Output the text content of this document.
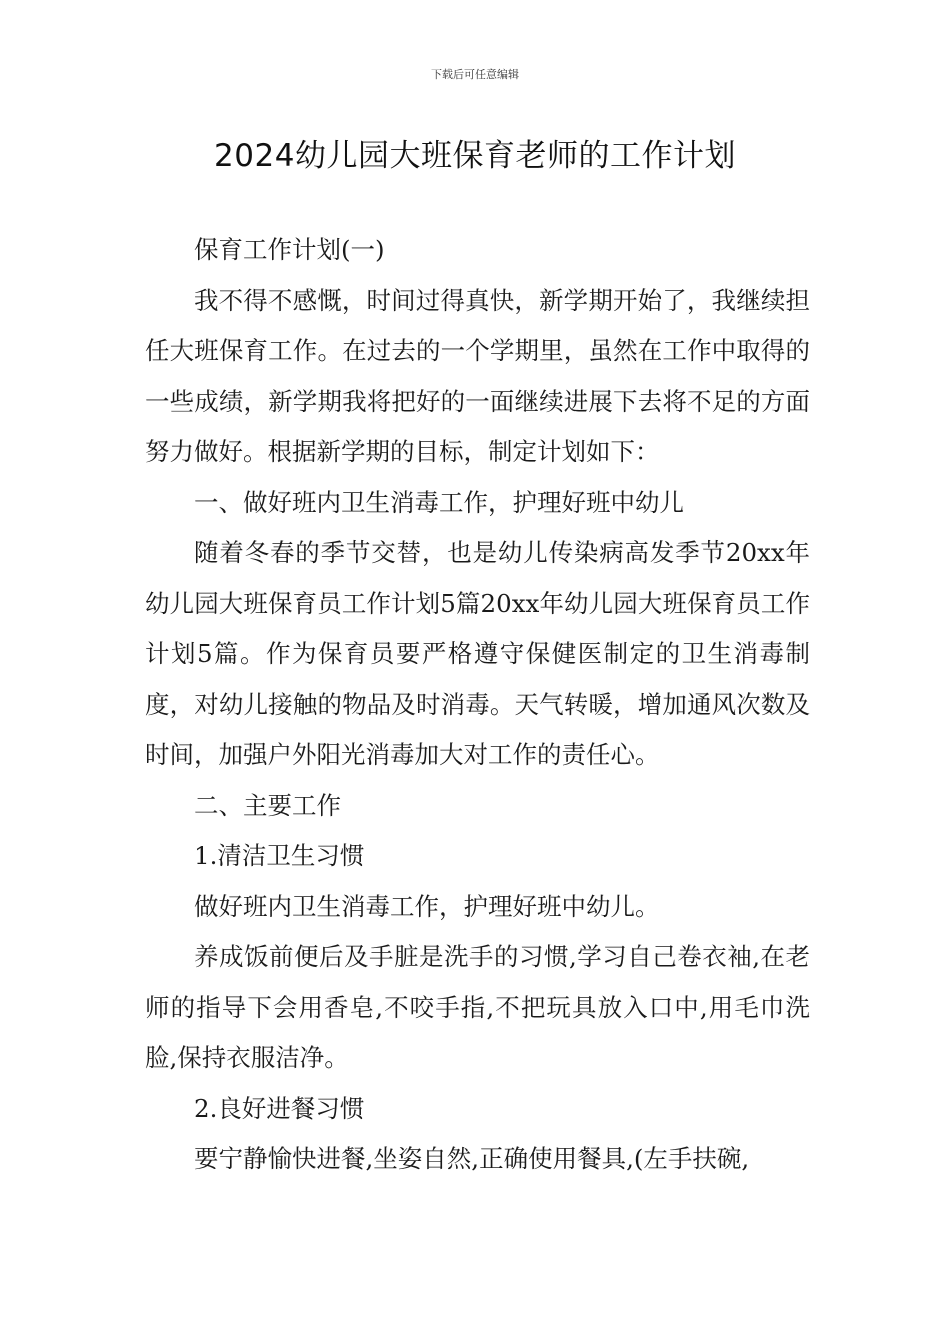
下载后可任意编辑
2024幼儿园大班保育老师的工作计划

保育工作计划(一)

我不得不感慨，时间过得真快，新学期开始了，我继续担任大班保育工作。在过去的一个学期里，虽然在工作中取得的一些成绩，新学期我将把好的一面继续进展下去将不足的方面努力做好。根据新学期的目标，制定计划如下：

一、做好班内卫生消毒工作，护理好班中幼儿

随着冬春的季节交替，也是幼儿传染病高发季节20xx年幼儿园大班保育员工作计划5篇20xx年幼儿园大班保育员工作计划5篇。作为保育员要严格遵守保健医制定的卫生消毒制度，对幼儿接触的物品及时消毒。天气转暖，增加通风次数及时间，加强户外阳光消毒加大对工作的责任心。

二、主要工作

1.清洁卫生习惯

做好班内卫生消毒工作，护理好班中幼儿。

养成饭前便后及手脏是洗手的习惯,学习自己卷衣袖,在老师的指导下会用香皂,不咬手指,不把玩具放入口中,用毛巾洗脸,保持衣服洁净。

2.良好进餐习惯

要宁静愉快进餐,坐姿自然,正确使用餐具,(左手扶碗,
